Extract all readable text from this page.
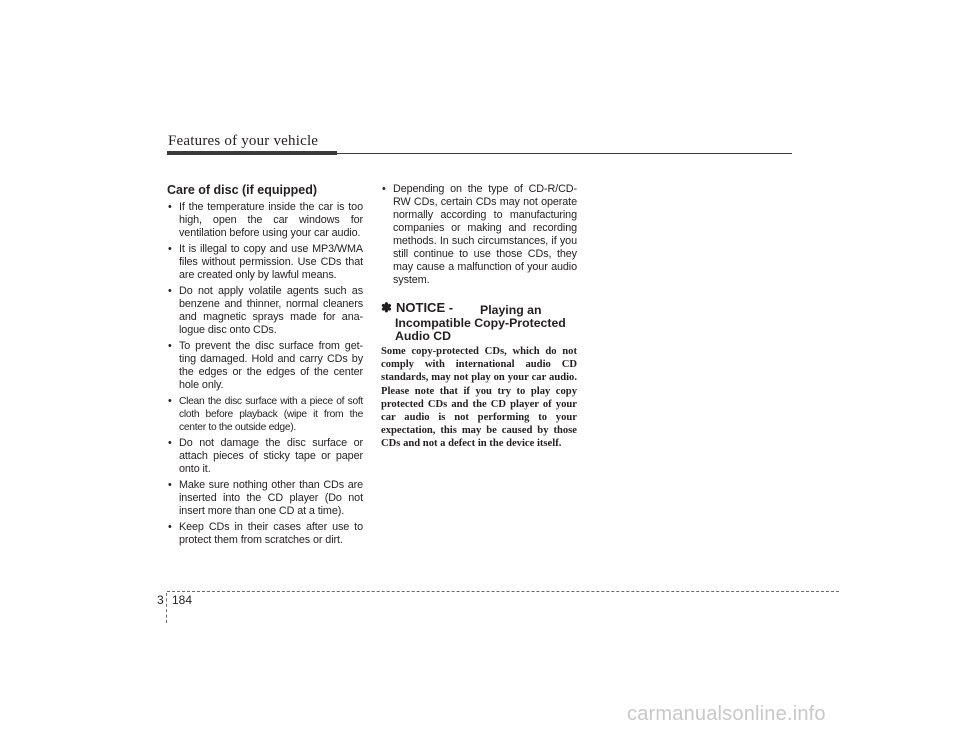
Features of your vehicle
Care of disc (if equipped)
• If the temperature inside the car is too high, open the car windows for ventilation before using your car audio.
• It is illegal to copy and use MP3/WMA files without permission. Use CDs that are created only by lawful means.
• Do not apply volatile agents such as benzene and thinner, normal cleaners and magnetic sprays made for ana-logue disc onto CDs.
• To prevent the disc surface from get-ting damaged. Hold and carry CDs by the edges or the edges of the center hole only.
• Clean the disc surface with a piece of soft cloth before playback (wipe it from the center to the outside edge).
• Do not damage the disc surface or attach pieces of sticky tape or paper onto it.
• Make sure nothing other than CDs are inserted into the CD player (Do not insert more than one CD at a time).
• Keep CDs in their cases after use to protect them from scratches or dirt.
• Depending on the type of CD-R/CD-RW CDs, certain CDs may not operate normally according to manufacturing companies or making and recording methods. In such circumstances, if you still continue to use those CDs, they may cause a malfunction of your audio system.
✽ NOTICE -	Playing an Incompatible Copy-Protected Audio CD
Some copy-protected CDs, which do not comply with international audio CD standards, may not play on your car audio. Please note that if you try to play copy protected CDs and the CD player of your car audio is not performing to your expectation, this may be caused by those CDs and not a defect in the device itself.
3 184
carmanualsonline.info
